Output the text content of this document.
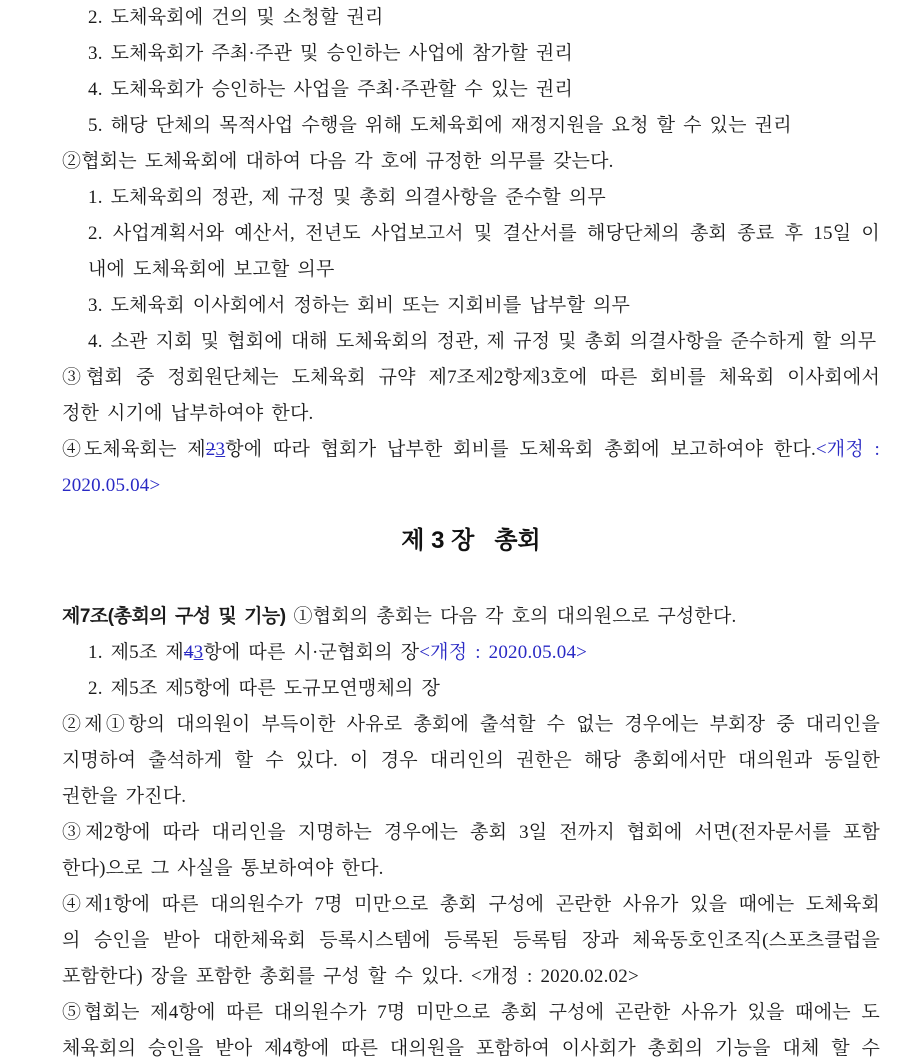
2. 도체육회에 건의 및 소청할 권리
3. 도체육회가 주최·주관 및 승인하는 사업에 참가할 권리
4. 도체육회가 승인하는 사업을 주최·주관할 수 있는 권리
5. 해당 단체의 목적사업 수행을 위해 도체육회에 재정지원을 요청 할 수 있는 권리
②협회는 도체육회에 대하여 다음 각 호에 규정한 의무를 갖는다.
1. 도체육회의 정관, 제 규정 및 총회 의결사항을 준수할 의무
2. 사업계획서와 예산서, 전년도 사업보고서 및 결산서를 해당단체의 총회 종료 후 15일 이
내에 도체육회에 보고할 의무
3. 도체육회 이사회에서 정하는 회비 또는 지회비를 납부할 의무
4. 소관 지회 및 협회에 대해 도체육회의 정관, 제 규정 및 총회 의결사항을 준수하게 할 의무
③협회 중 정회원단체는 도체육회 규약 제7조제2항제3호에 따른 회비를 체육회 이사회에서
정한 시기에 납부하여야 한다.
④도체육회는 제23항에 따라 협회가 납부한 회비를 도체육회 총회에 보고하여야 한다.<개정 :
2020.05.04>
제 3 장   총회
제7조(총회의 구성 및 기능) ①협회의 총회는 다음 각 호의 대의원으로 구성한다.
1. 제5조 제43항에 따른 시·군협회의 장<개정 : 2020.05.04>
2. 제5조 제5항에 따른 도규모연맹체의 장
②제①항의 대의원이 부득이한 사유로 총회에 출석할 수 없는 경우에는 부회장 중 대리인을
지명하여 출석하게 할 수 있다. 이 경우 대리인의 권한은 해당 총회에서만 대의원과 동일한
권한을 가진다.
③제2항에 따라 대리인을 지명하는 경우에는 총회 3일 전까지 협회에 서면(전자문서를 포함
한다)으로 그 사실을 통보하여야 한다.
④제1항에 따른 대의원수가 7명 미만으로 총회 구성에 곤란한 사유가 있을 때에는 도체육회
의 승인을 받아 대한체육회 등록시스템에 등록된 등록팀 장과 체육동호인조직(스포츠클럽을
포함한다) 장을 포함한 총회를 구성 할 수 있다. <개정 : 2020.02.02>
⑤협회는 제4항에 따른 대의원수가 7명 미만으로 총회 구성에 곤란한 사유가 있을 때에는 도
체육회의 승인을 받아 제4항에 따른 대의원을 포함하여 이사회가 총회의 기능을 대체 할 수
